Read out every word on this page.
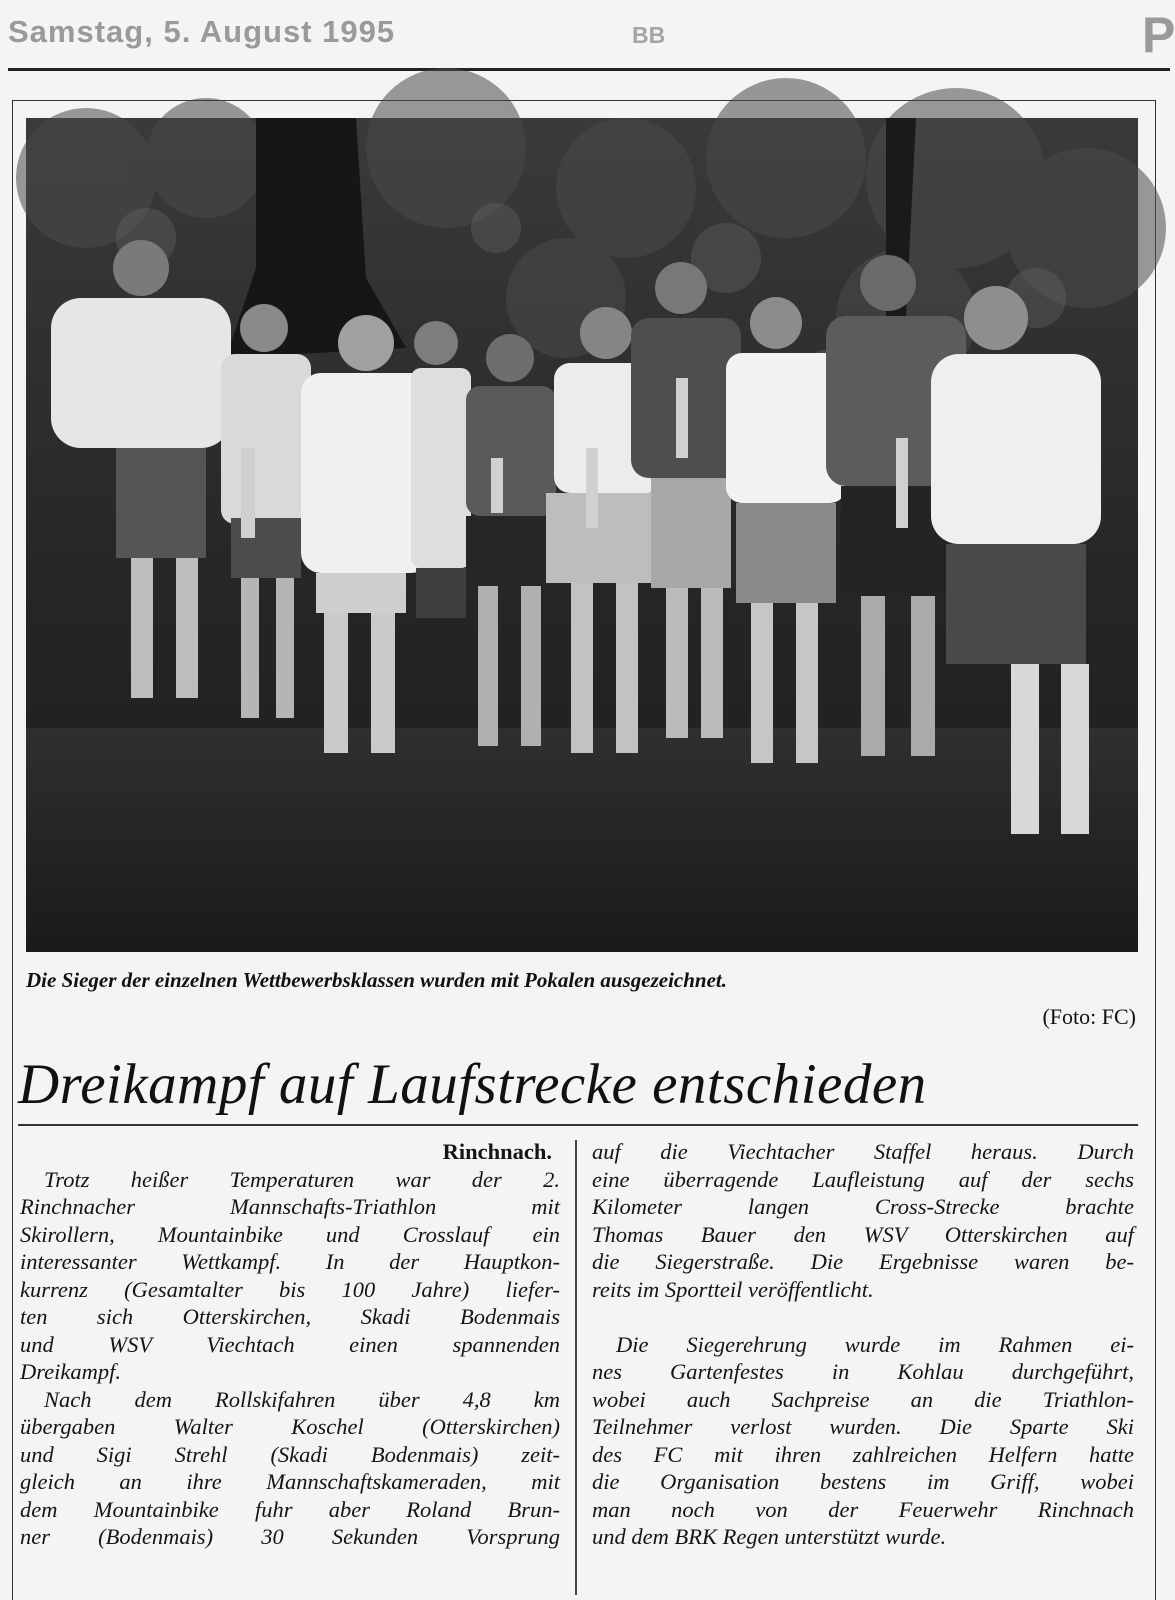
Samstag, 5. August 1995	BB	P
Die Sieger der einzelnen Wettbewerbsklassen wurden mit Pokalen ausgezeichnet.
(Foto: FC)
Dreikampf auf Laufstrecke entschieden
Rinchnach.
Trotz heißer Temperaturen war der 2.
Rinchnacher Mannschafts-Triathlon mit
Skirollern, Mountainbike und Crosslauf ein
interessanter Wettkampf. In der Hauptkon-
kurrenz (Gesamtalter bis 100 Jahre) liefer-
ten sich Otterskirchen, Skadi Bodenmais
und WSV Viechtach einen spannenden
Dreikampf.
Nach dem Rollskifahren über 4,8 km
übergaben Walter Koschel (Otterskirchen)
und Sigi Strehl (Skadi Bodenmais) zeit-
gleich an ihre Mannschaftskameraden, mit
dem Mountainbike fuhr aber Roland Brun-
ner (Bodenmais) 30 Sekunden Vorsprung
auf die Viechtacher Staffel heraus. Durch
eine überragende Laufleistung auf der sechs
Kilometer langen Cross-Strecke brachte
Thomas Bauer den WSV Otterskirchen auf
die Siegerstraße. Die Ergebnisse waren be-
reits im Sportteil veröffentlicht.
Die Siegerehrung wurde im Rahmen ei-
nes Gartenfestes in Kohlau durchgeführt,
wobei auch Sachpreise an die Triathlon-
Teilnehmer verlost wurden. Die Sparte Ski
des FC mit ihren zahlreichen Helfern hatte
die Organisation bestens im Griff, wobei
man noch von der Feuerwehr Rinchnach
und dem BRK Regen unterstützt wurde.
